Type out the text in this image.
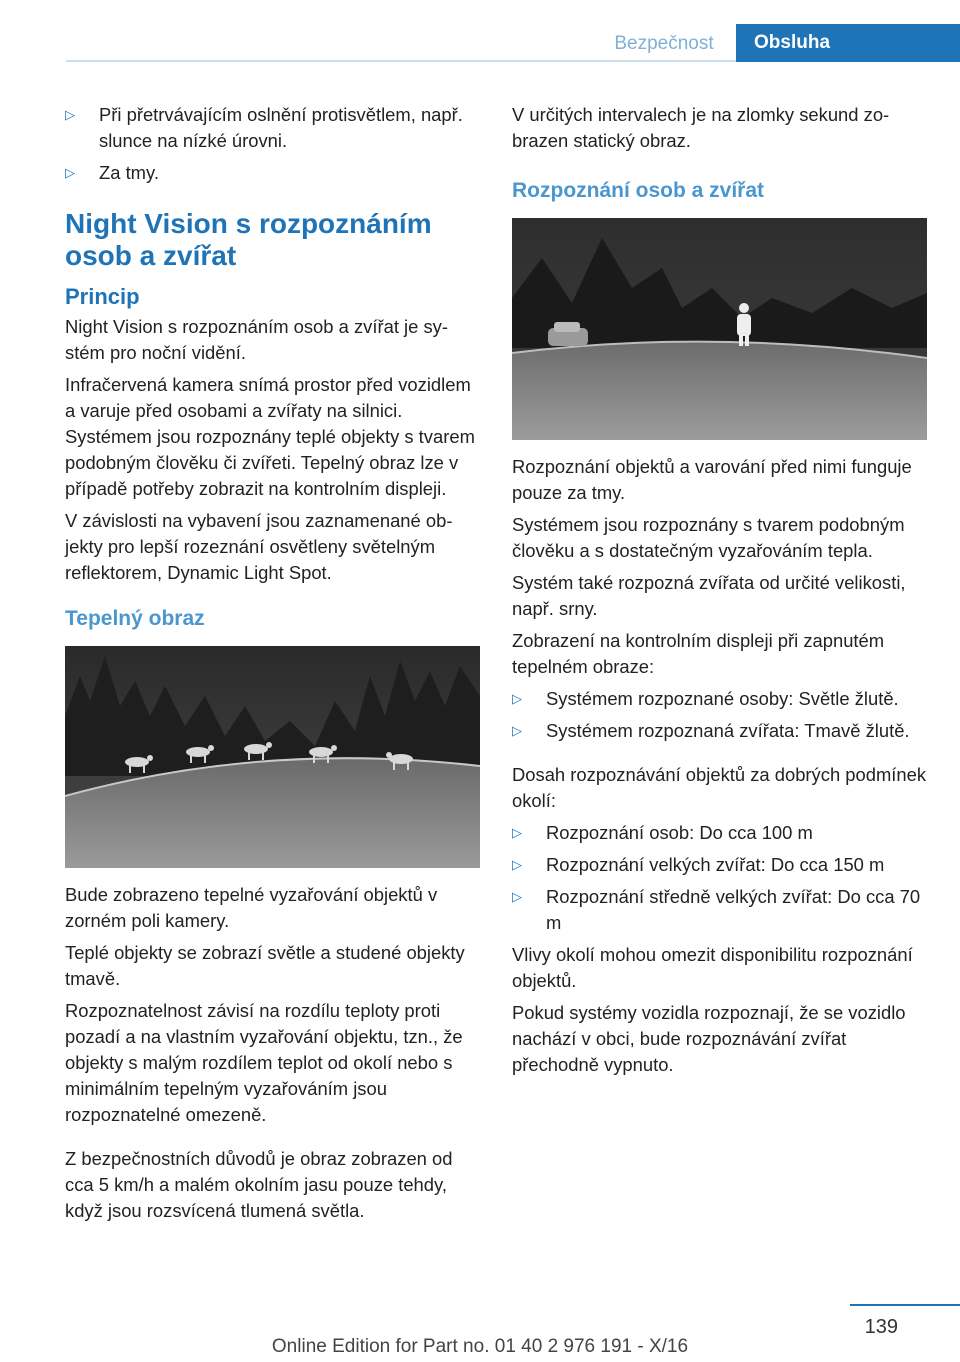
Bezpečnost	Obsluha
▷ Při přetrvávajícím oslnění protisvětlem, např. slunce na nízké úrovni.
▷ Za tmy.
Night Vision s rozpoznáním osob a zvířat
Princip

Night Vision s rozpoznáním osob a zvířat je systém pro noční vidění.

Infračervená kamera snímá prostor před vozidlem a varuje před osobami a zvířaty na silnici. Systémem jsou rozpoznány teplé objekty s tvarem podobným člověku či zvířeti. Tepelný obraz lze v případě potřeby zobrazit na kontrolním displeji.

V závislosti na vybavení jsou zaznamenané objekty pro lepší rozeznání osvětleny světelným reflektorem, Dynamic Light Spot.

Tepelný obraz

Bude zobrazeno tepelné vyzařování objektů v zorném poli kamery.

Teplé objekty se zobrazí světle a studené objekty tmavě.

Rozpoznatelnost závisí na rozdílu teploty proti pozadí a na vlastním vyzařování objektu, tzn., že objekty s malým rozdílem teplot od okolí nebo s minimálním tepelným vyzařováním jsou rozpoznatelné omezeně.

Z bezpečnostních důvodů je obraz zobrazen od cca 5 km/h a malém okolním jasu pouze tehdy, když jsou rozsvícená tlumená světla.

V určitých intervalech je na zlomky sekund zobrazen statický obraz.

Rozpoznání osob a zvířat

Rozpoznání objektů a varování před nimi funguje pouze za tmy.

Systémem jsou rozpoznány s tvarem podobným člověku a s dostatečným vyzařováním tepla.

Systém také rozpozná zvířata od určité velikosti, např. srny.

Zobrazení na kontrolním displeji při zapnutém tepelném obraze:

▷ Systémem rozpoznané osoby: Světle žlutě.
▷ Systémem rozpoznaná zvířata: Tmavě žlutě.

Dosah rozpoznávání objektů za dobrých podmínek okolí:

▷ Rozpoznání osob: Do cca 100 m
▷ Rozpoznání velkých zvířat: Do cca 150 m
▷ Rozpoznání středně velkých zvířat: Do cca 70 m

Vlivy okolí mohou omezit disponibilitu rozpoznání objektů.

Pokud systémy vozidla rozpoznají, že se vozidlo nachází v obci, bude rozpoznávání zvířat přechodně vypnuto.

139
Online Edition for Part no. 01 40 2 976 191 - X/16
